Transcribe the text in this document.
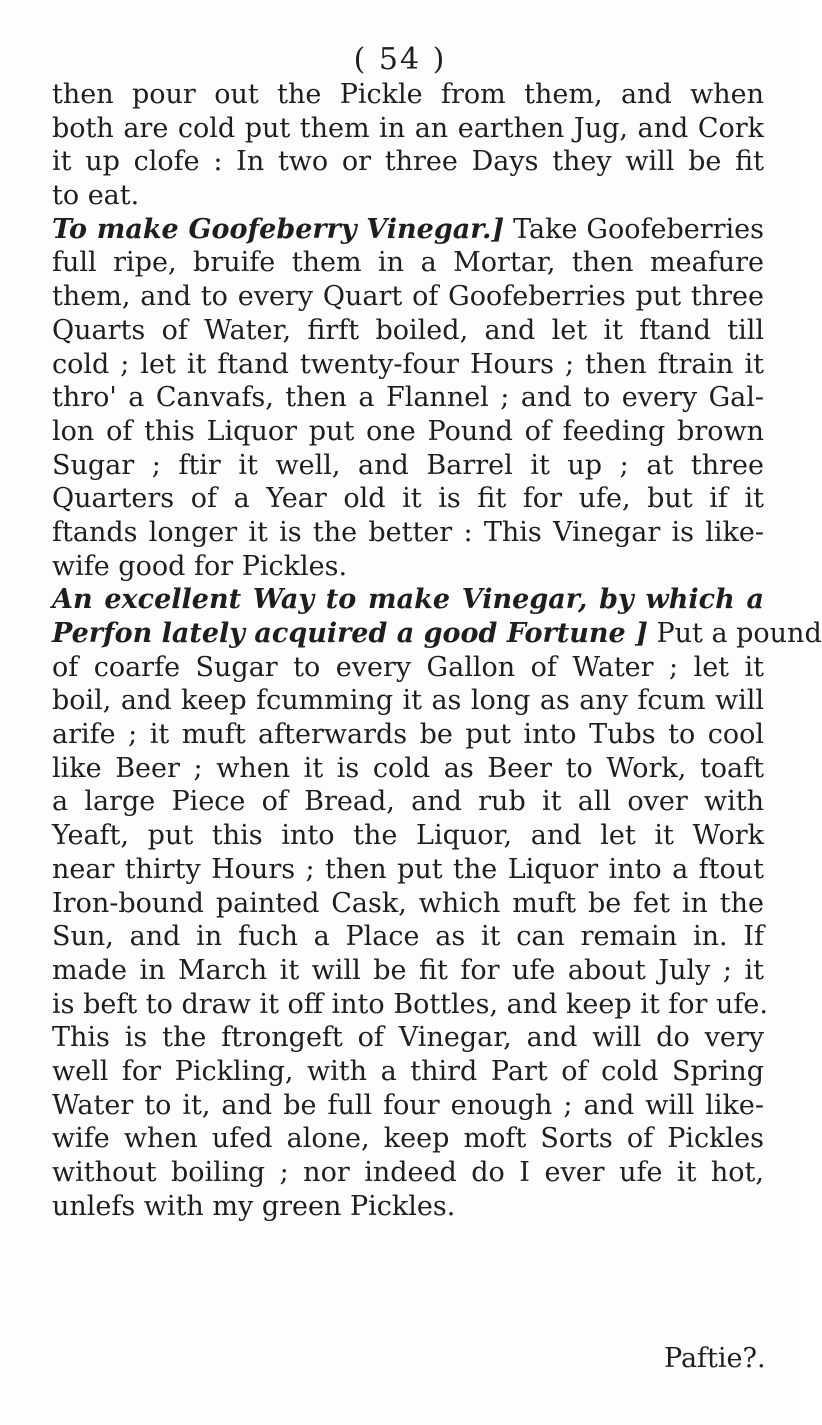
( 54 )
then pour out the Pickle from them, and when
both are cold put them in an earthen Jug, and Cork
it up clofe : In two or three Days they will be fit
to eat.
To make Goofeberry Vinegar.] Take Goofeberries
full ripe, bruife them in a Mortar, then meafure
them, and to every Quart of Goofeberries put three
Quarts of Water, firft boiled, and let it ftand till
cold ; let it ftand twenty-four Hours ; then ftrain it
thro' a Canvafs, then a Flannel ; and to every Gal-
lon of this Liquor put one Pound of feeding brown
Sugar ; ftir it well, and Barrel it up ; at three
Quarters of a Year old it is fit for ufe, but if it
ftands longer it is the better : This Vinegar is like-
wife good for Pickles.
An excellent Way to make Vinegar, by which a
Perfon lately acquired a good Fortune ] Put a pound
of coarfe Sugar to every Gallon of Water ; let it
boil, and keep fcumming it as long as any fcum will
arife ; it muft afterwards be put into Tubs to cool
like Beer ; when it is cold as Beer to Work, toaft
a large Piece of Bread, and rub it all over with
Yeaft, put this into the Liquor, and let it Work
near thirty Hours ; then put the Liquor into a ftout
Iron-bound painted Cask, which muft be fet in the
Sun, and in fuch a Place as it can remain in. If
made in March it will be fit for ufe about July ; it
is beft to draw it off into Bottles, and keep it for ufe.
This is the ftrongeft of Vinegar, and will do very
well for Pickling, with a third Part of cold Spring
Water to it, and be full four enough ; and will like-
wife when ufed alone, keep moft Sorts of Pickles
without boiling ; nor indeed do I ever ufe it hot,
unlefs with my green Pickles.
Paftie?.
